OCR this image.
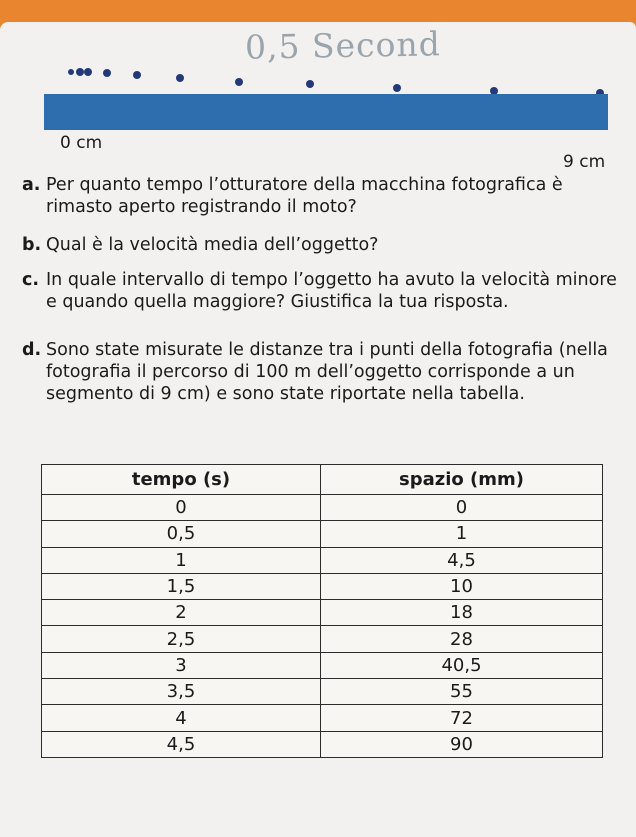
0,5 Second
0 cm
9 cm
a. Per quanto tempo l’otturatore della macchina fotografica è rimasto aperto registrando il moto?
b. Qual è la velocità media dell’oggetto?
c. In quale intervallo di tempo l’oggetto ha avuto la velocità minore e quando quella maggiore? Giustifica la tua risposta.
d. Sono state misurate le distanze tra i punti della fotografia (nella fotografia il percorso di 100 m dell’oggetto corrisponde a un segmento di 9 cm) e sono state riportate nella tabella.
tempo (s)	spazio (mm)
0	0
0,5	1
1	4,5
1,5	10
2	18
2,5	28
3	40,5
3,5	55
4	72
4,5	90
